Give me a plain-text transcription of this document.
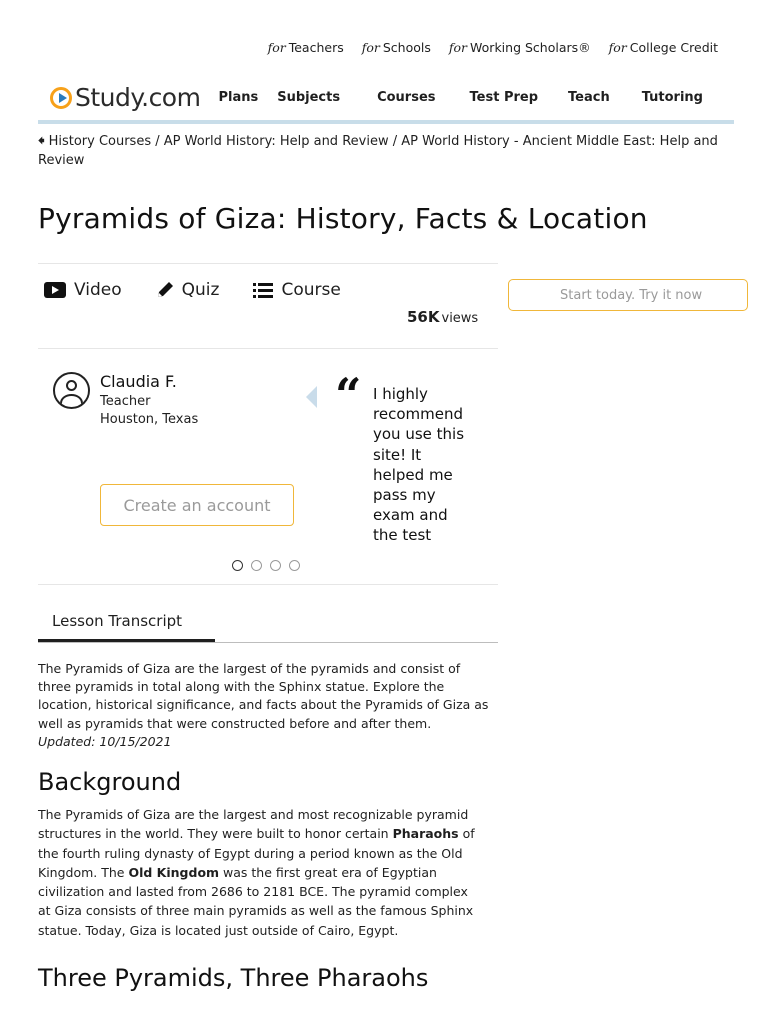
for Teachers for Schools for Working Scholars® for College Credit
Study.com Plans Subjects	Courses	Test Prep Teach Tutoring
🠸 History Courses / AP World History: Help and Review / AP World History - Ancient Middle East: Help and Review
Pyramids of Giza: History, Facts & Location
Video	Quiz	Course
56K views
Start today. Try it now
Claudia F.
Teacher
Houston, Texas
Create an account
“ I highly recommend you use this site! It helped me pass my exam and the test
Lesson Transcript

The Pyramids of Giza are the largest of the pyramids and consist of three pyramids in total along with the Sphinx statue. Explore the location, historical significance, and facts about the Pyramids of Giza as well as pyramids that were constructed before and after them.

Updated: 10/15/2021

Background

The Pyramids of Giza are the largest and most recognizable pyramid structures in the world. They were built to honor certain Pharaohs of the fourth ruling dynasty of Egypt during a period known as the Old Kingdom. The Old Kingdom was the first great era of Egyptian civilization and lasted from 2686 to 2181 BCE. The pyramid complex at Giza consists of three main pyramids as well as the famous Sphinx statue. Today, Giza is located just outside of Cairo, Egypt.

Three Pyramids, Three Pharaohs
